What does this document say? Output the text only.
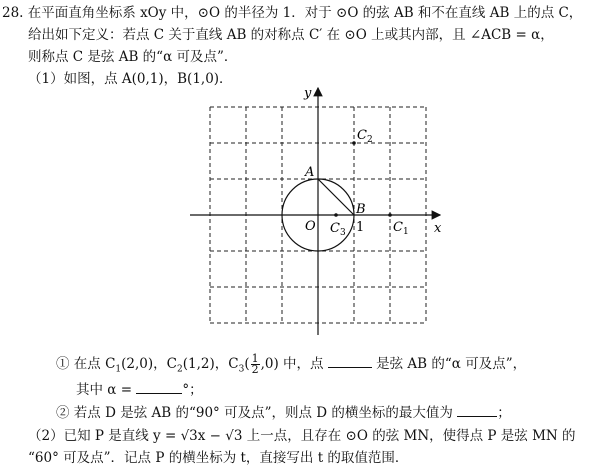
28. 在平面直角坐标系 xOy 中，⊙O 的半径为 1．对于 ⊙O 的弦 AB 和不在直线 AB 上的点 C，
给出如下定义：若点 C 关于直线 AB 的对称点 C′ 在 ⊙O 上或其内部，且 ∠ACB = α，
则称点 C 是弦 AB 的“α 可及点”．
（1）如图，点 A(0,1)，B(1,0)．
x
y
O
A
B
1 $C_1$
$C_2$
$C_3$
① 在点 $C_1(2,0)$，$C_2(1,2)$，$C_3( \frac{1}{2} ,0)$ 中，点	是弦 AB 的“α 可及点”，
其中 α =	°；
② 若点 D 是弦 AB 的“90° 可及点”，则点 D 的横坐标的最大值为	；
（2）已知 P 是直线 y = √3x − √3 上一点，且存在 ⊙O 的弦 MN，使得点 P 是弦 MN 的
“60° 可及点”．记点 P 的横坐标为 t，直接写出 t 的取值范围．
